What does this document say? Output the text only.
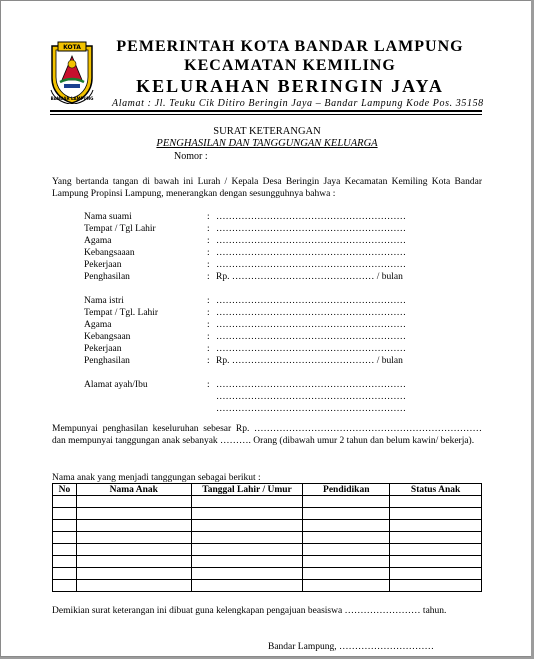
KOTA
BANDAR LAMPUNG
PEMERINTAH KOTA BANDAR LAMPUNG
KECAMATAN KEMILING
KELURAHAN BERINGIN JAYA
Alamat : Jl. Teuku Cik Ditiro Beringin Jaya – Bandar Lampung Kode Pos. 35158
SURAT KETERANGAN
PENGHASILAN DAN TANGGUNGAN KELUARGA
Nomor :
Yang bertanda tangan di bawah ini Lurah / Kepala Desa Beringin Jaya Kecamatan Kemiling Kota Bandar Lampung Propinsi Lampung, menerangkan dengan sesungguhnya bahwa :
Nama suami	: ……………………………………………………
Tempat / Tgl Lahir	: ……………………………………………………
Agama	: ……………………………………………………
Kebangsaaan	: ……………………………………………………
Pekerjaan	: ……………………………………………………
Penghasilan	: Rp. ……………………………………… / bulan
Nama istri	: ……………………………………………………
Tempat / Tgl. Lahir	: ……………………………………………………
Agama	: ……………………………………………………
Kebangsaan	: ……………………………………………………
Pekerjaan	: ……………………………………………………
Penghasilan	: Rp. ……………………………………… / bulan
Alamat ayah/Ibu	: ……………………………………………………
……………………………………………………
……………………………………………………
Mempunyai penghasilan keseluruhan sebesar Rp. ……………………………………………………………… dan mempunyai tanggungan anak sebanyak ………. Orang (dibawah umur 2 tahun dan belum kawin/ bekerja).
Nama anak yang menjadi tanggungan sebagai berikut :
No	Nama Anak	Tanggal Lahir / Umur	Pendidikan	Status Anak

Demikian surat keterangan ini dibuat guna kelengkapan pengajuan beasiswa …………………… tahun.
Bandar Lampung, …………………………
